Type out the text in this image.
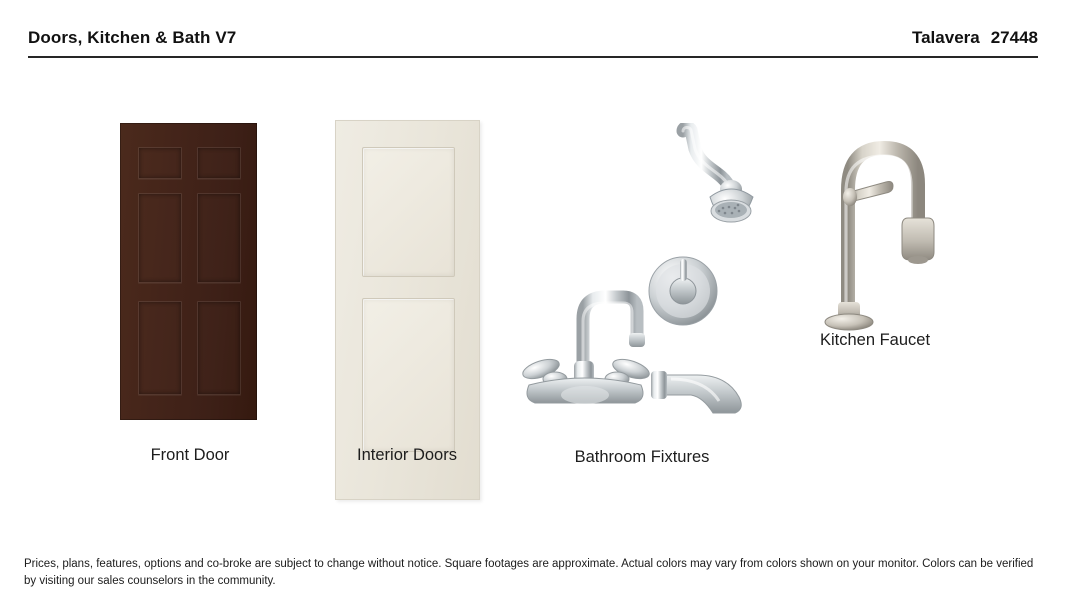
Doors, Kitchen & Bath V7	Talavera 27448
Front Door	Interior Doors	Bathroom Fixtures
Kitchen Faucet
Prices, plans, features, options and co-broke are subject to change without notice. Square footages are approximate. Actual colors may vary from colors shown on your monitor. Colors can be verified by visiting our sales counselors in the community.
